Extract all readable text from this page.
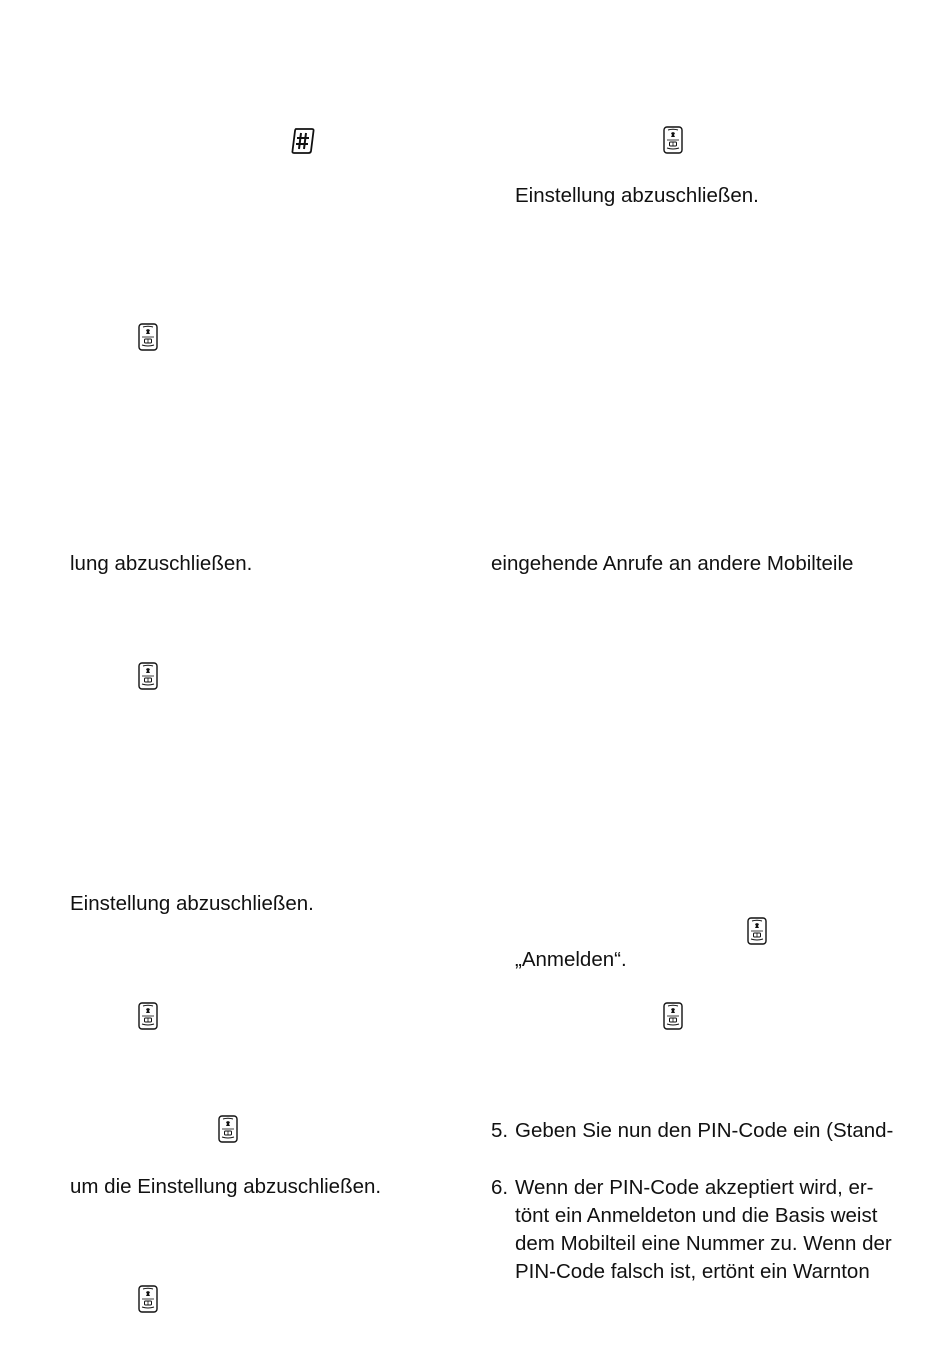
lung abzuschließen.
Einstellung abzuschließen.
um die Einstellung abzuschließen.
Einstellung abzuschließen.
eingehende Anrufe an andere Mobilteile
„Anmelden“.
5. Geben Sie nun den PIN-Code ein (Stand-
6. Wenn der PIN-Code akzeptiert wird, er-
tönt ein Anmeldeton und die Basis weist
dem Mobilteil eine Nummer zu. Wenn der
PIN-Code falsch ist, ertönt ein Warnton
